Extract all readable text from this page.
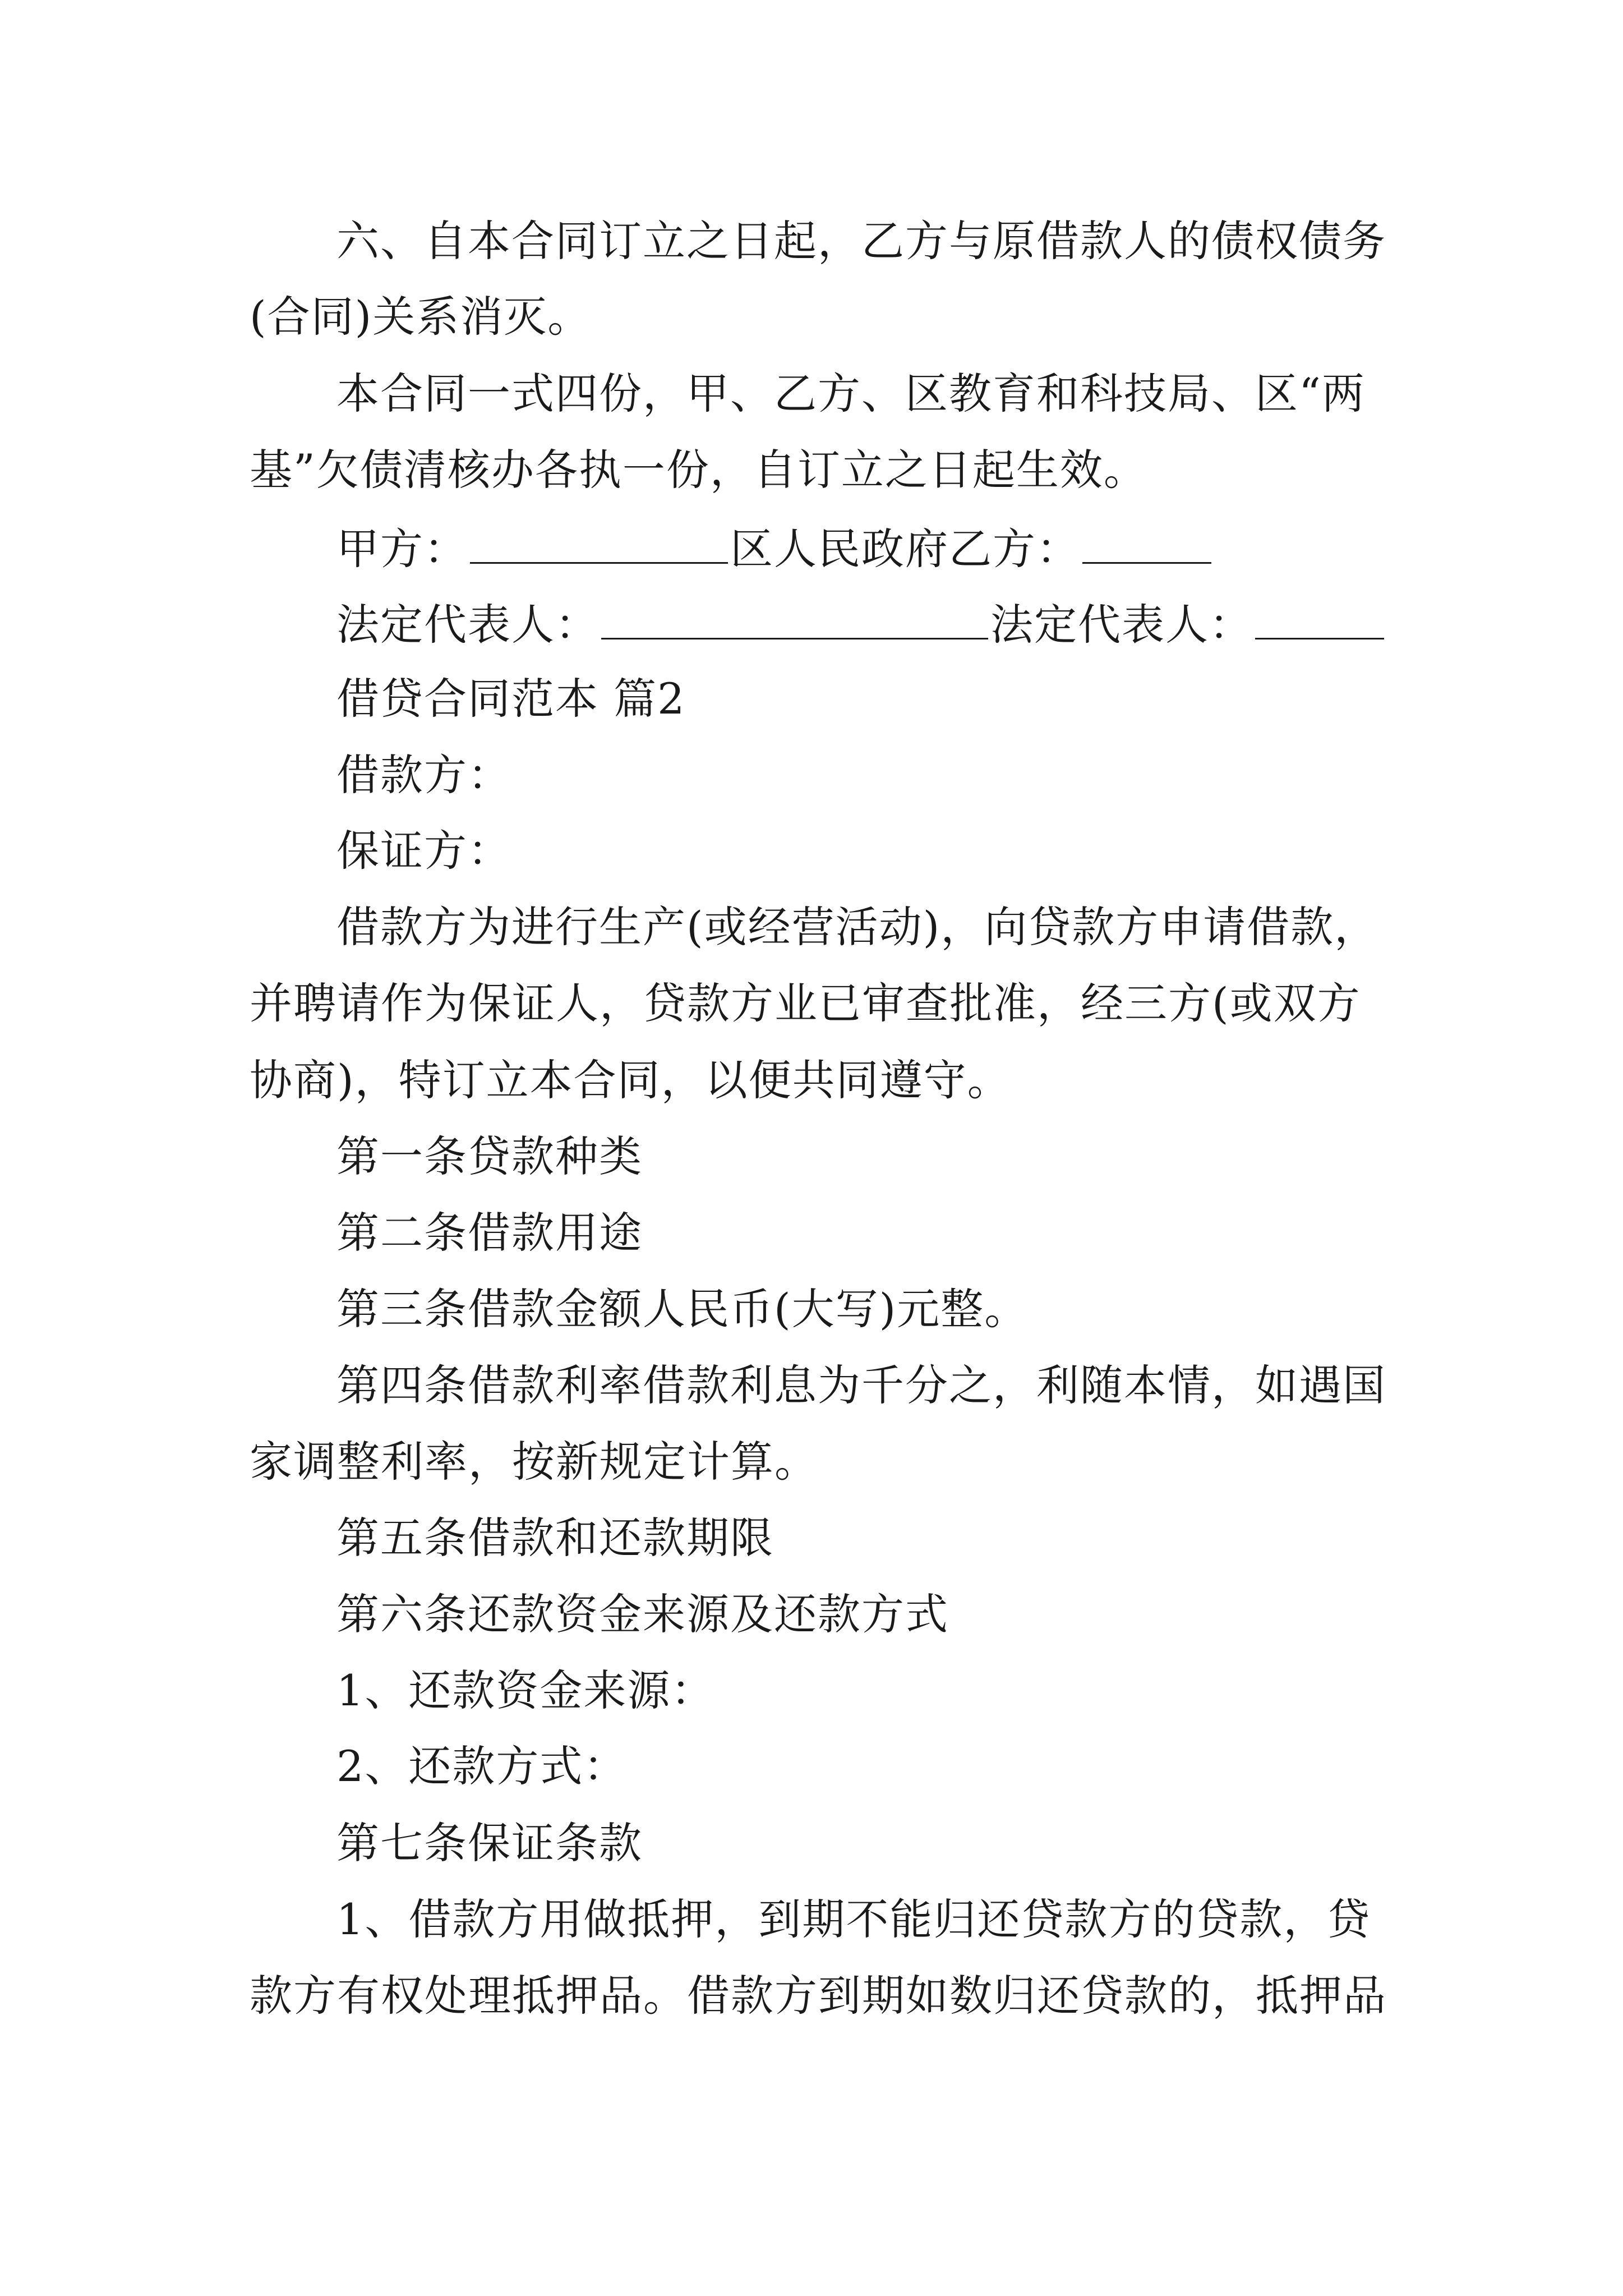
六、自本合同订立之日起，乙方与原借款人的债权债务
(合同)关系消灭。
本合同一式四份，甲、乙方、区教育和科技局、区“两
基”欠债清核办各执一份，自订立之日起生效。
甲方：	区人民政府乙方：
法定代表人：	法定代表人：
借贷合同范本 篇2
借款方：
保证方：
借款方为进行生产(或经营活动)，向贷款方申请借款，
并聘请作为保证人，贷款方业已审查批准，经三方(或双方
协商)，特订立本合同，以便共同遵守。
第一条贷款种类
第二条借款用途
第三条借款金额人民币(大写)元整。
第四条借款利率借款利息为千分之，利随本情，如遇国
家调整利率，按新规定计算。
第五条借款和还款期限
第六条还款资金来源及还款方式
1、还款资金来源：
2、还款方式：
第七条保证条款
1、借款方用做抵押，到期不能归还贷款方的贷款，贷
款方有权处理抵押品。借款方到期如数归还贷款的，抵押品
